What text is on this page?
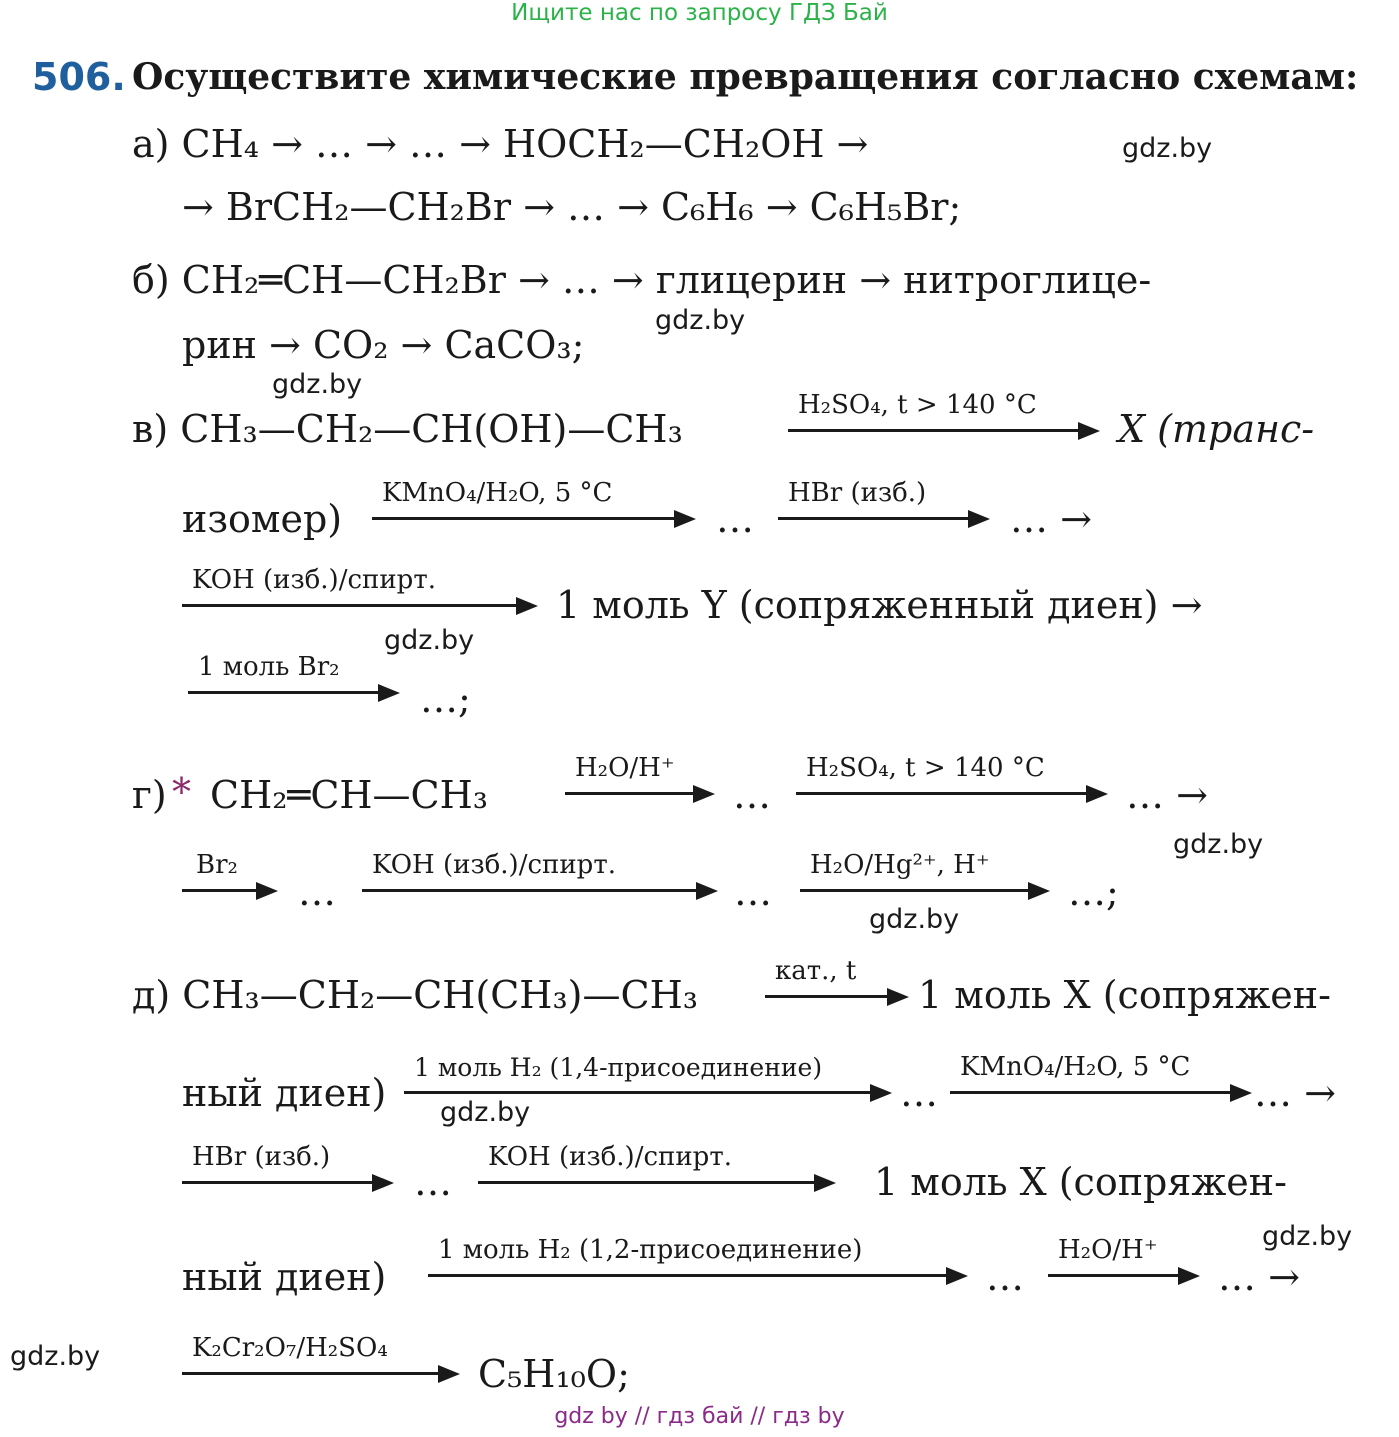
Ищите нас по запросу ГДЗ Бай
506. Осуществите химические превращения согласно схемам:
а) CH₄ → … → … → HOCH₂—CH₂OH →	gdz.by
→ BrCH₂—CH₂Br → … → C₆H₆ → C₆H₅Br;
б) CH₂═CH—CH₂Br → … → глицерин → нитроглице-
рин → CO₂ → CaCO₃;
gdz.by
gdz.by
в) CH₃—CH₂—CH(OH)—CH₃
H₂SO₄, t > 140 °C
X (транс-
изомер)
KMnO₄/H₂O, 5 °C
…
HBr (изб.)
… →
KOH (изб.)/спирт.
1 моль Y (сопряженный диен) →
gdz.by
1 моль Br₂
…;
г) * CH₂═CH—CH₃
H₂O/H⁺
…
H₂SO₄, t > 140 °C
… →
gdz.by
Br₂
…
KOH (изб.)/спирт.
…
H₂O/Hg²⁺, H⁺
…;
gdz.by
д) CH₃—CH₂—CH(CH₃)—CH₃
кат., t
1 моль X (сопряжен-
ный диен)
1 моль H₂ (1,4-присоединение)
…
KMnO₄/H₂O, 5 °C
… →
gdz.by
HBr (изб.)
…
KOH (изб.)/спирт.
1 моль X (сопряжен-
ный диен)
1 моль H₂ (1,2-присоединение)
…
H₂O/H⁺
… →
gdz.by
gdz.by	K₂Cr₂O₇/H₂SO₄
C₅H₁₀O;
gdz by // гдз бай // гдз by
